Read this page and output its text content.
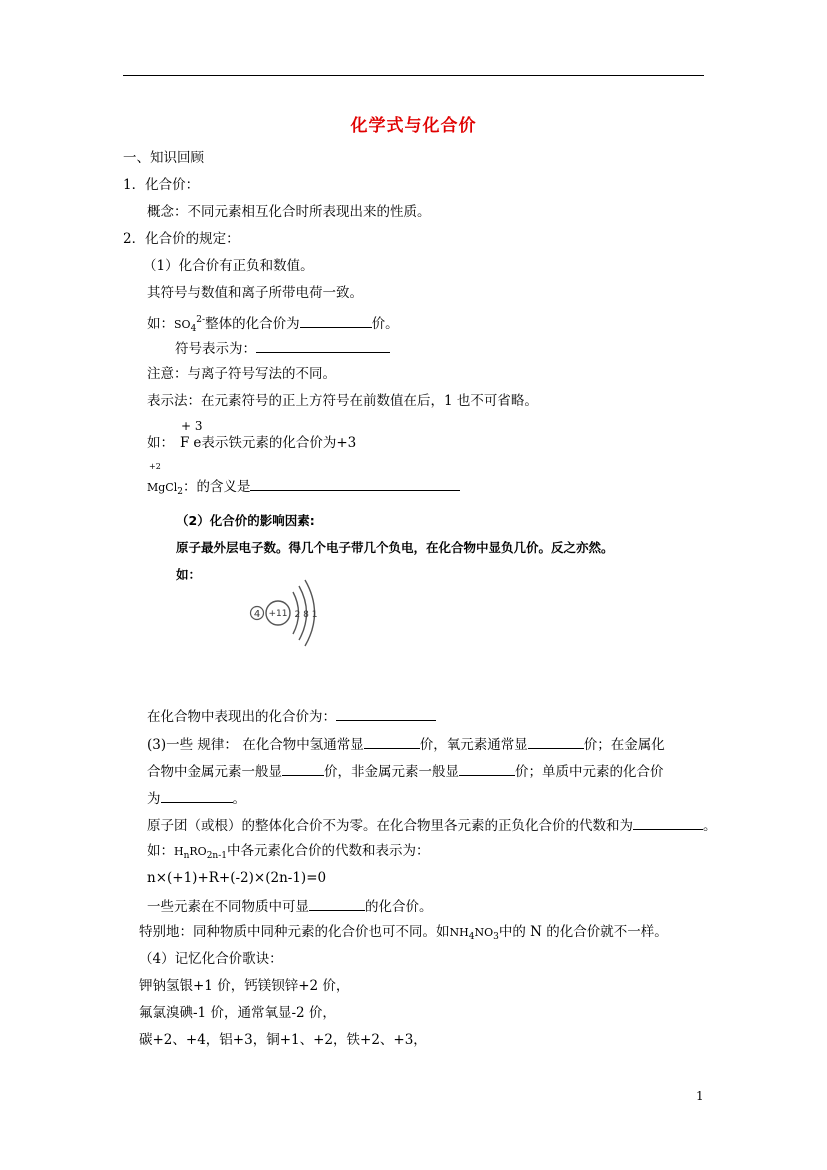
化学式与化合价
一、知识回顾
1．化合价：
概念：不同元素相互化合时所表现出来的性质。
2．化合价的规定：
（1）化合价有正负和数值。
其符号与数值和离子所带电荷一致。
如：$SO_4^{2-}$整体的化合价为	价。
符号表示为：
注意：与离子符号写法的不同。
表示法：在元素符号的正上方符号在前数值在后，1 也不可省略。
+ 3
如： F e表示铁元素的化合价为+3
+2
MgCl$_2$：的含义是
（2）化合价的影响因素:
原子最外层电子数。得几个电子带几个负电，在化合物中显负几价。反之亦然。
如：
4 +11 2 8 1
在化合物中表现出的化合价为：
(3)一些 规律： 在化合物中氢通常显	价，氧元素通常显	价；在金属化
合物中金属元素一般显	价，非金属元素一般显	价；单质中元素的化合价
为	。
原子团（或根）的整体化合价不为零。在化合物里各元素的正负化合价的代数和为	。
如：$H_nRO_{2n-1}$中各元素化合价的代数和表示为：
n×(+1)+R+(-2)×(2n-1)=0
一些元素在不同物质中可显	的化合价。
特别地：同种物质中同种元素的化合价也可不同。如$NH_4NO_3$中的 N 的化合价就不一样。
（4）记忆化合价歌诀：
钾钠氢银+1 价，钙镁钡锌+2 价，
氟氯溴碘-1 价，通常氧显-2 价，
碳+2、+4，铝+3，铜+1、+2，铁+2、+3，
1
